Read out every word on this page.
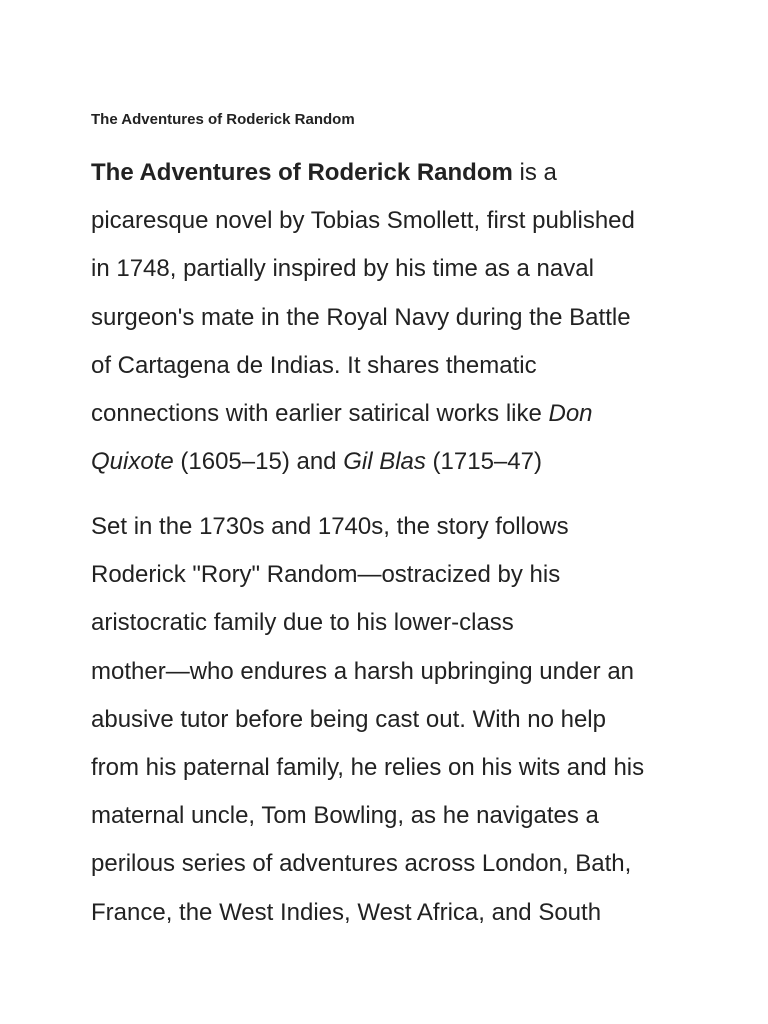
The Adventures of Roderick Random

The Adventures of Roderick Random is a
picaresque novel by Tobias Smollett, first published
in 1748, partially inspired by his time as a naval
surgeon's mate in the Royal Navy during the Battle
of Cartagena de Indias. It shares thematic
connections with earlier satirical works like Don
Quixote (1605–15) and Gil Blas (1715–47)

Set in the 1730s and 1740s, the story follows
Roderick "Rory" Random—ostracized by his
aristocratic family due to his lower-class
mother—who endures a harsh upbringing under an
abusive tutor before being cast out. With no help
from his paternal family, he relies on his wits and his
maternal uncle, Tom Bowling, as he navigates a
perilous series of adventures across London, Bath,
France, the West Indies, West Africa, and South
